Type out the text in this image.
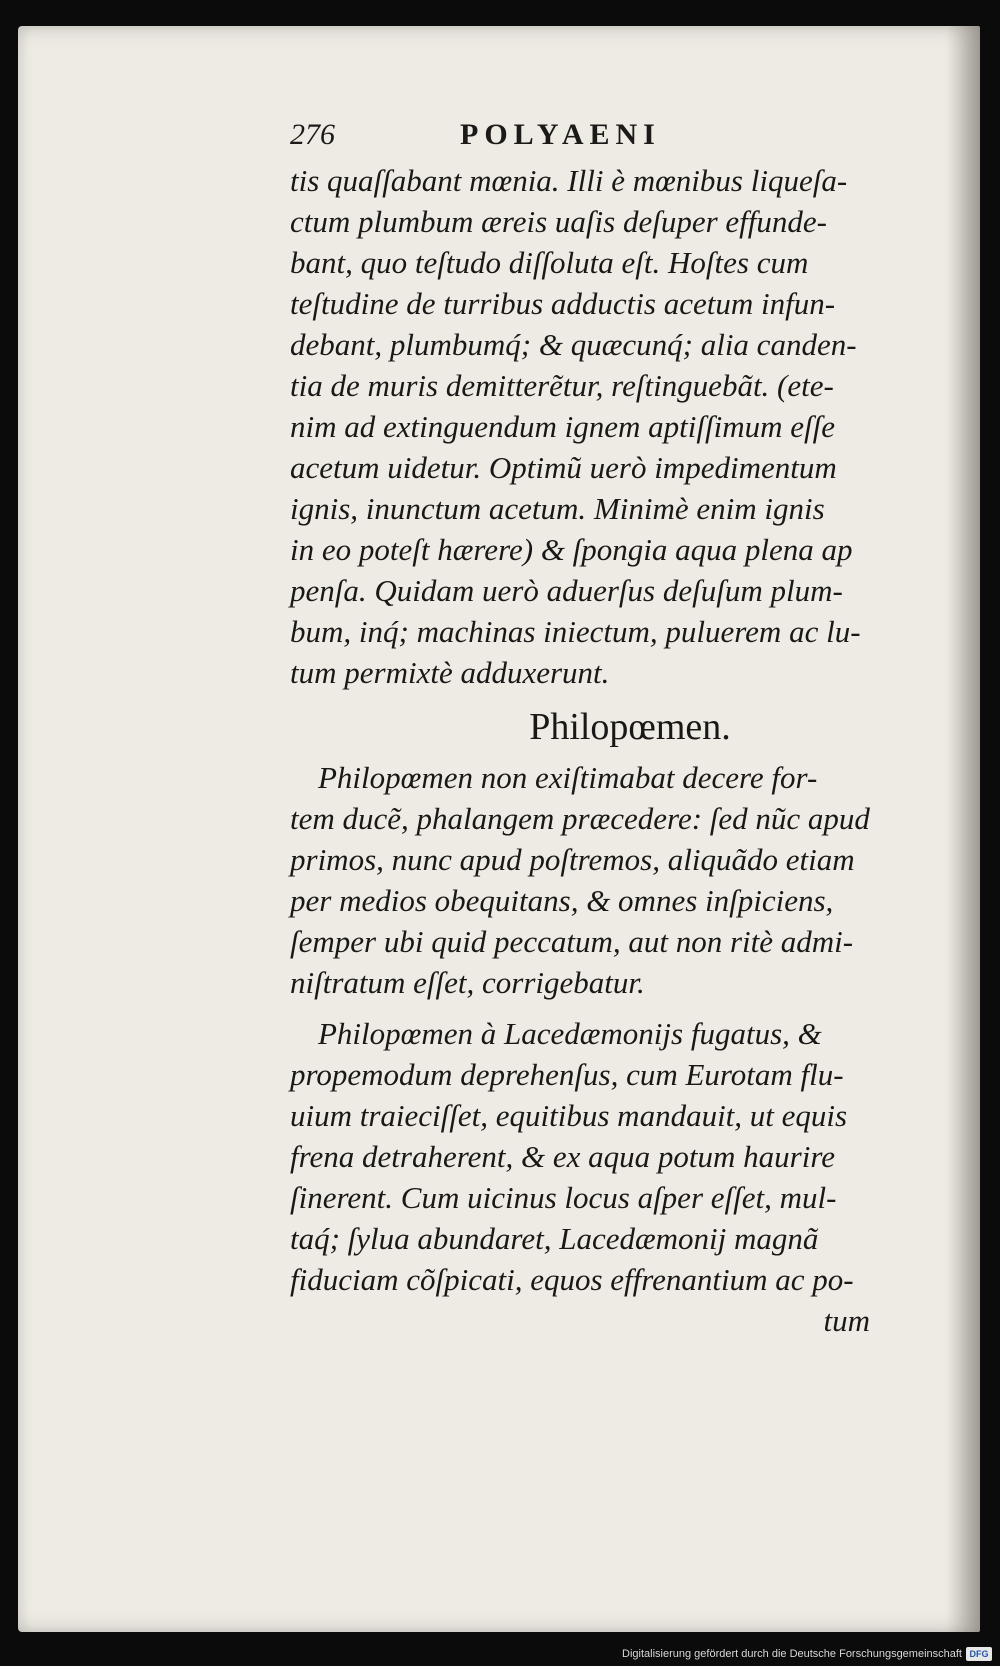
276	POLYAENI
tis quaſſabant mœnia. Illi è mœnibus liqueſa-
ctum plumbum æreis uaſis deſuper effunde-
bant, quo teſtudo diſſoluta eſt. Hoſtes cum
teſtudine de turribus adductis acetum infun-
debant, plumbumq́; & quæcunq́; alia canden-
tia de muris demitterẽtur, reſtinguebãt. (ete-
nim ad extinguendum ignem aptiſſimum eſſe
acetum uidetur. Optimũ uerò impedimentum
ignis, inunctum acetum. Minimè enim ignis
in eo poteſt hærere) & ſpongia aqua plena ap
penſa. Quidam uerò aduerſus deſuſum plum-
bum, inq́; machinas iniectum, puluerem ac lu-
tum permixtè adduxerunt.
Philopœmen.
Philopœmen non exiſtimabat decere for-
tem ducẽ, phalangem præcedere: ſed nũc apud
primos, nunc apud poſtremos, aliquãdo etiam
per medios obequitans, & omnes inſpiciens,
ſemper ubi quid peccatum, aut non ritè admi-
niſtratum eſſet, corrigebatur.
Philopœmen à Lacedæmonijs fugatus, &
propemodum deprehenſus, cum Eurotam flu-
uium traieciſſet, equitibus mandauit, ut equis
frena detraherent, & ex aqua potum haurire
ſinerent. Cum uicinus locus aſper eſſet, mul-
taq́; ſylua abundaret, Lacedæmonij magnã
fiduciam cõſpicati, equos effrenantium ac po-
tum
Digitalisierung gefördert durch die Deutsche Forschungsgemeinschaft DFG
